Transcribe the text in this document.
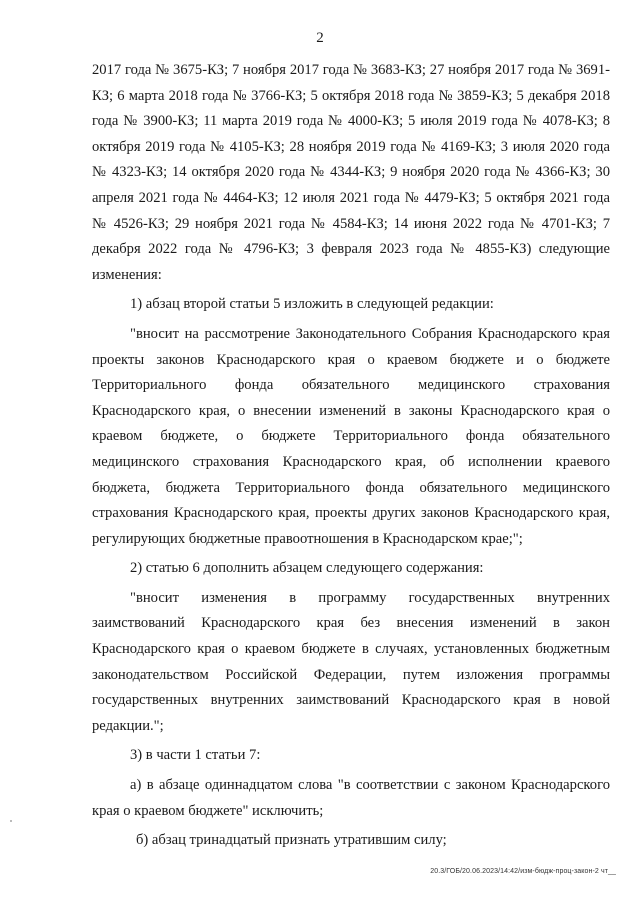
2

2017 года № 3675-КЗ; 7 ноября 2017 года № 3683-КЗ; 27 ноября 2017 года № 3691-КЗ; 6 марта 2018 года № 3766-КЗ; 5 октября 2018 года № 3859-КЗ; 5 декабря 2018 года № 3900-КЗ; 11 марта 2019 года № 4000-КЗ; 5 июля 2019 года № 4078-КЗ; 8 октября 2019 года № 4105-КЗ; 28 ноября 2019 года № 4169-КЗ; 3 июля 2020 года № 4323-КЗ; 14 октября 2020 года № 4344-КЗ; 9 ноября 2020 года № 4366-КЗ; 30 апреля 2021 года № 4464-КЗ; 12 июля 2021 года № 4479-КЗ; 5 октября 2021 года № 4526-КЗ; 29 ноября 2021 года № 4584-КЗ; 14 июня 2022 года № 4701-КЗ; 7 декабря 2022 года № 4796-КЗ; 3 февраля 2023 года № 4855-КЗ) следующие изменения:

1) абзац второй статьи 5 изложить в следующей редакции:

"вносит на рассмотрение Законодательного Собрания Краснодарского края проекты законов Краснодарского края о краевом бюджете и о бюджете Территориального фонда обязательного медицинского страхования Краснодарского края, о внесении изменений в законы Краснодарского края о краевом бюджете, о бюджете Территориального фонда обязательного медицинского страхования Краснодарского края, об исполнении краевого бюджета, бюджета Территориального фонда обязательного медицинского страхования Краснодарского края, проекты других законов Краснодарского края, регулирующих бюджетные правоотношения в Краснодарском крае;";

2) статью 6 дополнить абзацем следующего содержания:

"вносит изменения в программу государственных внутренних заимствований Краснодарского края без внесения изменений в закон Краснодарского края о краевом бюджете в случаях, установленных бюджетным законодательством Российской Федерации, путем изложения программы государственных внутренних заимствований Краснодарского края в новой редакции.";

3) в части 1 статьи 7:

а) в абзаце одиннадцатом слова "в соответствии с законом Краснодарского края о краевом бюджете" исключить;

б) абзац тринадцатый признать утратившим силу;

20.3/ГОБ/20.06.2023/14:42/изм-бюдж-проц-закон-2 чт__
